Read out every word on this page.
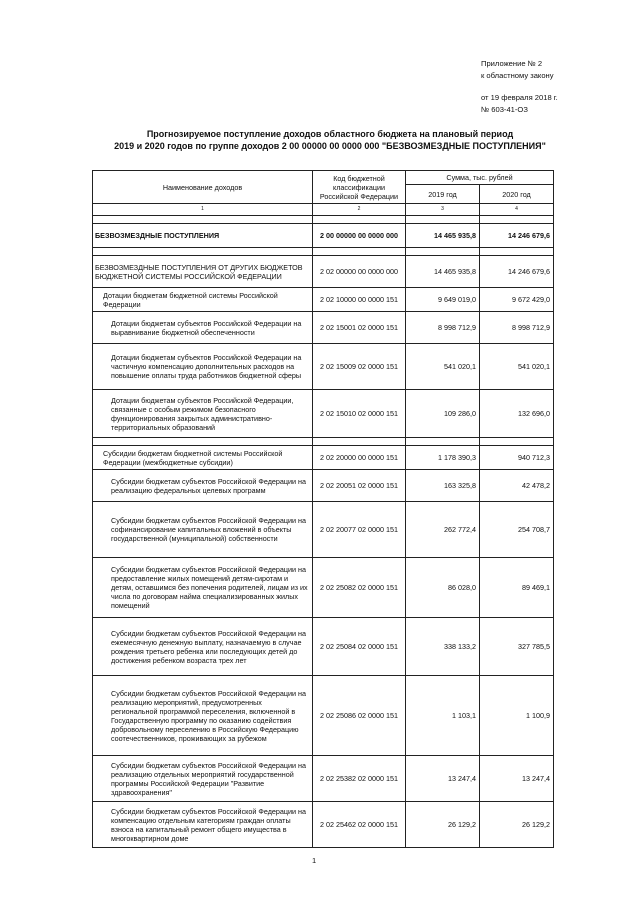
Приложение № 2
к областному закону
от 19 февраля 2018 г.
№ 603-41-ОЗ
Прогнозируемое поступление доходов областного бюджета на плановый период
2019 и 2020 годов по группе доходов 2 00 00000 00 0000 000 "БЕЗВОЗМЕЗДНЫЕ ПОСТУПЛЕНИЯ"
Наименование доходов	Код бюджетной классификации Российской Федерации	Сумма, тыс. рублей	
		2019 год	2020 год
1	2	3	4

БЕЗВОЗМЕЗДНЫЕ ПОСТУПЛЕНИЯ	2 00 00000 00 0000 000	14 465 935,8	14 246 679,6

БЕЗВОЗМЕЗДНЫЕ ПОСТУПЛЕНИЯ ОТ ДРУГИХ БЮДЖЕТОВ БЮДЖЕТНОЙ СИСТЕМЫ РОССИЙСКОЙ ФЕДЕРАЦИИ	2 02 00000 00 0000 000	14 465 935,8	14 246 679,6
Дотации бюджетам бюджетной системы Российской Федерации	2 02 10000 00 0000 151	9 649 019,0	9 672 429,0
Дотации бюджетам субъектов Российской Федерации на выравнивание бюджетной обеспеченности	2 02 15001 02 0000 151	8 998 712,9	8 998 712,9
Дотации бюджетам субъектов Российской Федерации на частичную компенсацию дополнительных расходов на повышение оплаты труда работников бюджетной сферы	2 02 15009 02 0000 151	541 020,1	541 020,1
Дотации бюджетам субъектов Российской Федерации, связанные с особым режимом безопасного функционирования закрытых административно-территориальных образований	2 02 15010 02 0000 151	109 286,0	132 696,0

Субсидии бюджетам бюджетной системы Российской Федерации (межбюджетные субсидии)	2 02 20000 00 0000 151	1 178 390,3	940 712,3
Субсидии бюджетам субъектов Российской Федерации на реализацию федеральных целевых программ	2 02 20051 02 0000 151	163 325,8	42 478,2
Субсидии бюджетам субъектов Российской Федерации на софинансирование капитальных вложений в объекты государственной (муниципальной) собственности	2 02 20077 02 0000 151	262 772,4	254 708,7
Субсидии бюджетам субъектов Российской Федерации на предоставление жилых помещений детям-сиротам и детям, оставшимся без попечения родителей, лицам из их числа по договорам найма специализированных жилых помещений	2 02 25082 02 0000 151	86 028,0	89 469,1
Субсидии бюджетам субъектов Российской Федерации на ежемесячную денежную выплату, назначаемую в случае рождения третьего ребенка или последующих детей до достижения ребенком возраста трех лет	2 02 25084 02 0000 151	338 133,2	327 785,5
Субсидии бюджетам субъектов Российской Федерации на реализацию мероприятий, предусмотренных региональной программой переселения, включенной в Государственную программу по оказанию содействия добровольному переселению в Российскую Федерацию соотечественников, проживающих за рубежом	2 02 25086 02 0000 151	1 103,1	1 100,9
Субсидии бюджетам субъектов Российской Федерации на реализацию отдельных мероприятий государственной программы Российской Федерации "Развитие здравоохранения"	2 02 25382 02 0000 151	13 247,4	13 247,4
Субсидии бюджетам субъектов Российской Федерации на компенсацию отдельным категориям граждан оплаты взноса на капитальный ремонт общего имущества в многоквартирном доме	2 02 25462 02 0000 151	26 129,2	26 129,2
1
